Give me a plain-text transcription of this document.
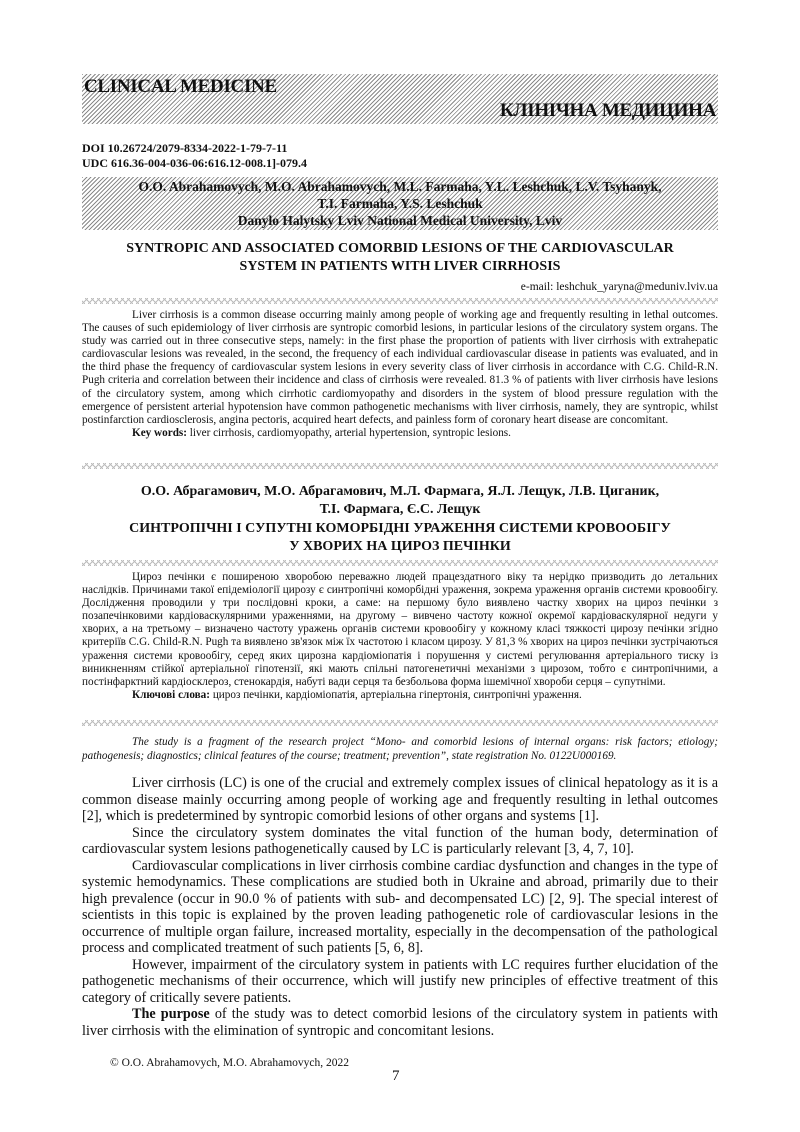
CLINICAL MEDICINE
КЛІНІЧНА МЕДИЦИНА
DOI 10.26724/2079-8334-2022-1-79-7-11
UDC 616.36-004-036-06:616.12-008.1]-079.4
O.O. Abrahamovych, M.O. Abrahamovych, M.L. Farmaha, Y.L. Leshchuk, L.V. Tsyhanyk,
T.I. Farmaha, Y.S. Leshchuk
Danylo Halytsky Lviv National Medical University, Lviv
SYNTROPIC AND ASSOCIATED COMORBID LESIONS OF THE CARDIOVASCULAR
SYSTEM IN PATIENTS WITH LIVER CIRRHOSIS
e-mail: leshchuk_yaryna@meduniv.lviv.ua

Liver cirrhosis is a common disease occurring mainly among people of working age and frequently resulting in lethal outcomes. The causes of such epidemiology of liver cirrhosis are syntropic comorbid lesions, in particular lesions of the circulatory system organs. The study was carried out in three consecutive steps, namely: in the first phase the proportion of patients with liver cirrhosis with extrahepatic cardiovascular lesions was revealed, in the second, the frequency of each individual cardiovascular disease in patients was evaluated, and in the third phase the frequency of cardiovascular system lesions in every severity class of liver cirrhosis in accordance with C.G. Child-R.N. Pugh criteria and correlation between their incidence and class of cirrhosis were revealed. 81.3 % of patients with liver cirrhosis have lesions of the circulatory system, among which cirrhotic cardiomyopathy and disorders in the system of blood pressure regulation with the emergence of persistent arterial hypotension have common pathogenetic mechanisms with liver cirrhosis, namely, they are syntropic, whilst postinfarction cardiosclerosis, angina pectoris, acquired heart defects, and painless form of coronary heart disease are concomitant.

Key words: liver cirrhosis, cardiomyopathy, arterial hypertension, syntropic lesions.
О.О. Абрагамович, М.О. Абрагамович, М.Л. Фармага, Я.Л. Лещук, Л.В. Циганик,
Т.І. Фармага, Є.С. Лещук
СИНТРОПІЧНІ І СУПУТНІ КОМОРБІДНІ УРАЖЕННЯ СИСТЕМИ КРОВООБІГУ
У ХВОРИХ НА ЦИРОЗ ПЕЧІНКИ

Цироз печінки є поширеною хворобою переважно людей працездатного віку та нерідко призводить до летальних наслідків. Причинами такої епідеміології цирозу є синтропічні коморбідні ураження, зокрема ураження органів системи кровообігу. Дослідження проводили у три послідовні кроки, а саме: на першому було виявлено частку хворих на цироз печінки з позапечінковими кардіоваскулярними ураженнями, на другому – вивчено частоту кожної окремої кардіоваскулярної недуги у хворих, а на третьому – визначено частоту уражень органів системи кровообігу у кожному класі тяжкості цирозу печінки згідно критеріїв C.G. Child-R.N. Pugh та виявлено зв'язок між їх частотою і класом цирозу. У 81,3 % хворих на цироз печінки зустрічаються ураження системи кровообігу, серед яких цирозна кардіоміопатія і порушення у системі регулювання артеріального тиску із виникненням стійкої артеріальної гіпотензії, які мають спільні патогенетичні механізми з цирозом, тобто є синтропічними, а постінфарктний кардіосклероз, стенокардія, набуті вади серця та безбольова форма ішемічної хвороби серця – супутніми.

Ключові слова: цироз печінки, кардіоміопатія, артеріальна гіпертонія, синтропічні ураження.

The study is a fragment of the research project “Mono- and comorbid lesions of internal organs: risk factors; etiology; pathogenesis; diagnostics; clinical features of the course; treatment; prevention”, state registration No. 0122U000169.

Liver cirrhosis (LC) is one of the crucial and extremely complex issues of clinical hepatology as it is a common disease mainly occurring among people of working age and frequently resulting in lethal outcomes [2], which is predetermined by syntropic comorbid lesions of other organs and systems [1].

Since the circulatory system dominates the vital function of the human body, determination of cardiovascular system lesions pathogenetically caused by LC is particularly relevant [3, 4, 7, 10].

Cardiovascular complications in liver cirrhosis combine cardiac dysfunction and changes in the type of systemic hemodynamics. These complications are studied both in Ukraine and abroad, primarily due to their high prevalence (occur in 90.0 % of patients with sub- and decompensated LC) [2, 9]. The special interest of scientists in this topic is explained by the proven leading pathogenetic role of cardiovascular lesions in the occurrence of multiple organ failure, increased mortality, especially in the decompensation of the pathological process and complicated treatment of such patients [5, 6, 8].

However, impairment of the circulatory system in patients with LC requires further elucidation of the pathogenetic mechanisms of their occurrence, which will justify new principles of effective treatment of this category of critically severe patients.

The purpose of the study was to detect comorbid lesions of the circulatory system in patients with liver cirrhosis with the elimination of syntropic and concomitant lesions.

© O.O. Abrahamovych, M.O. Abrahamovych, 2022
7
